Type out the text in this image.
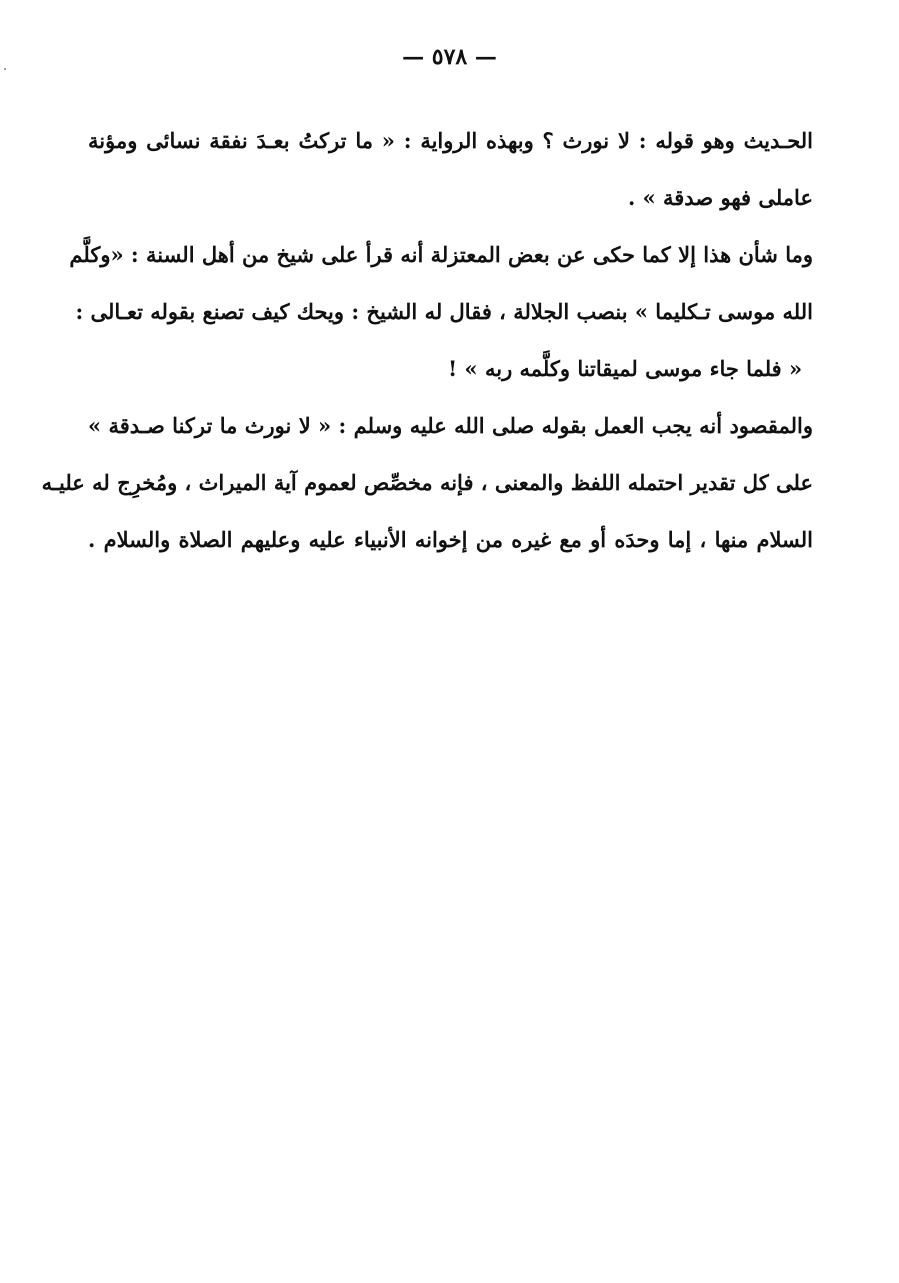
— ٥٧٨ —
الحـديث وهو قوله : لا نورث ؟ وبهذه الرواية : « ما تركتُ بعـدَ نفقة نسائى ومؤنة
عاملى فهو صدقة » .
وما شأن هذا إلا كما حكى عن بعض المعتزلة أنه قرأ على شيخ من أهل السنة : «وكلَّم
الله موسى تـكليما » بنصب الجلالة ، فقال له الشيخ : ويحك كيف تصنع بقوله تعـالى :
« فلما جاء موسى لميقاتنا وكلَّمه ربه » !
والمقصود أنه يجب العمل بقوله صلى الله عليه وسلم : « لا نورث ما تركنا صـدقة »
على كل تقدير احتمله اللفظ والمعنى ، فإنه مخصِّص لعموم آية الميراث ، ومُخرِج له عليـه
السلام منها ، إما وحدَه أو مع غيره من إخوانه الأنبياء عليه وعليهم الصلاة والسلام .
